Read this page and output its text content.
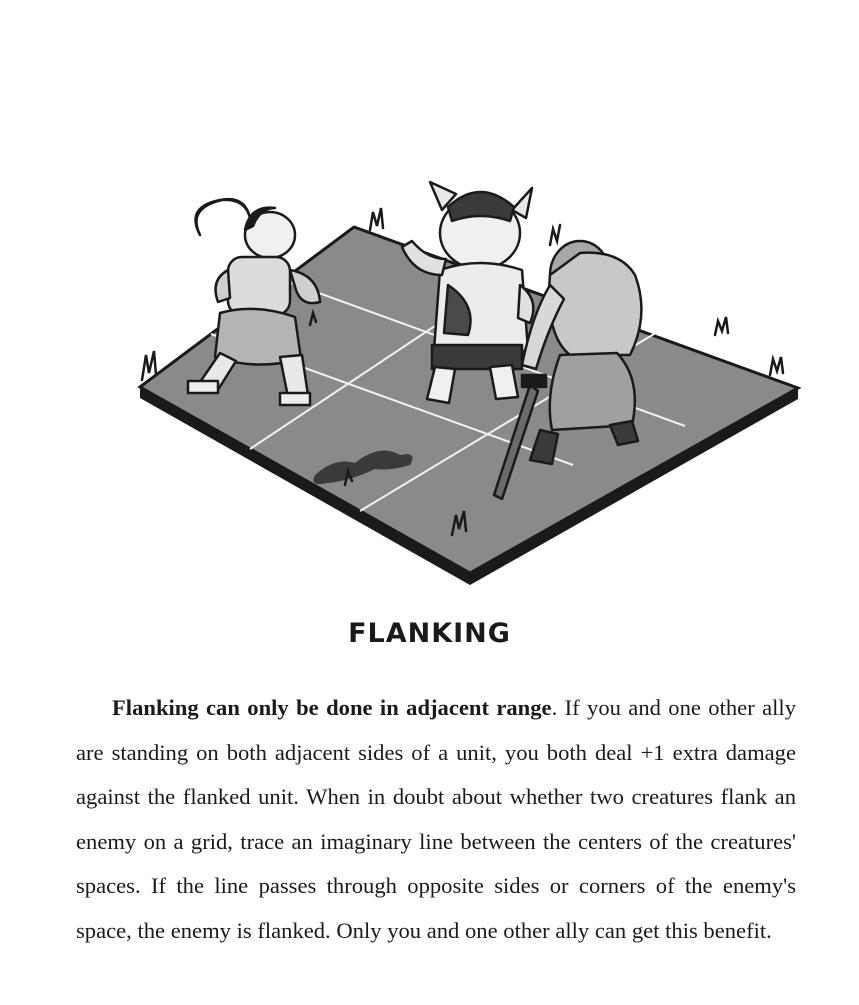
FLANKING

Flanking can only be done in adjacent range. If you and one other ally are standing on both adjacent sides of a unit, you both deal +1 extra damage against the flanked unit. When in doubt about whether two creatures flank an enemy on a grid, trace an imaginary line between the centers of the creatures' spaces. If the line passes through opposite sides or corners of the enemy's space, the enemy is flanked. Only you and one other ally can get this benefit.
